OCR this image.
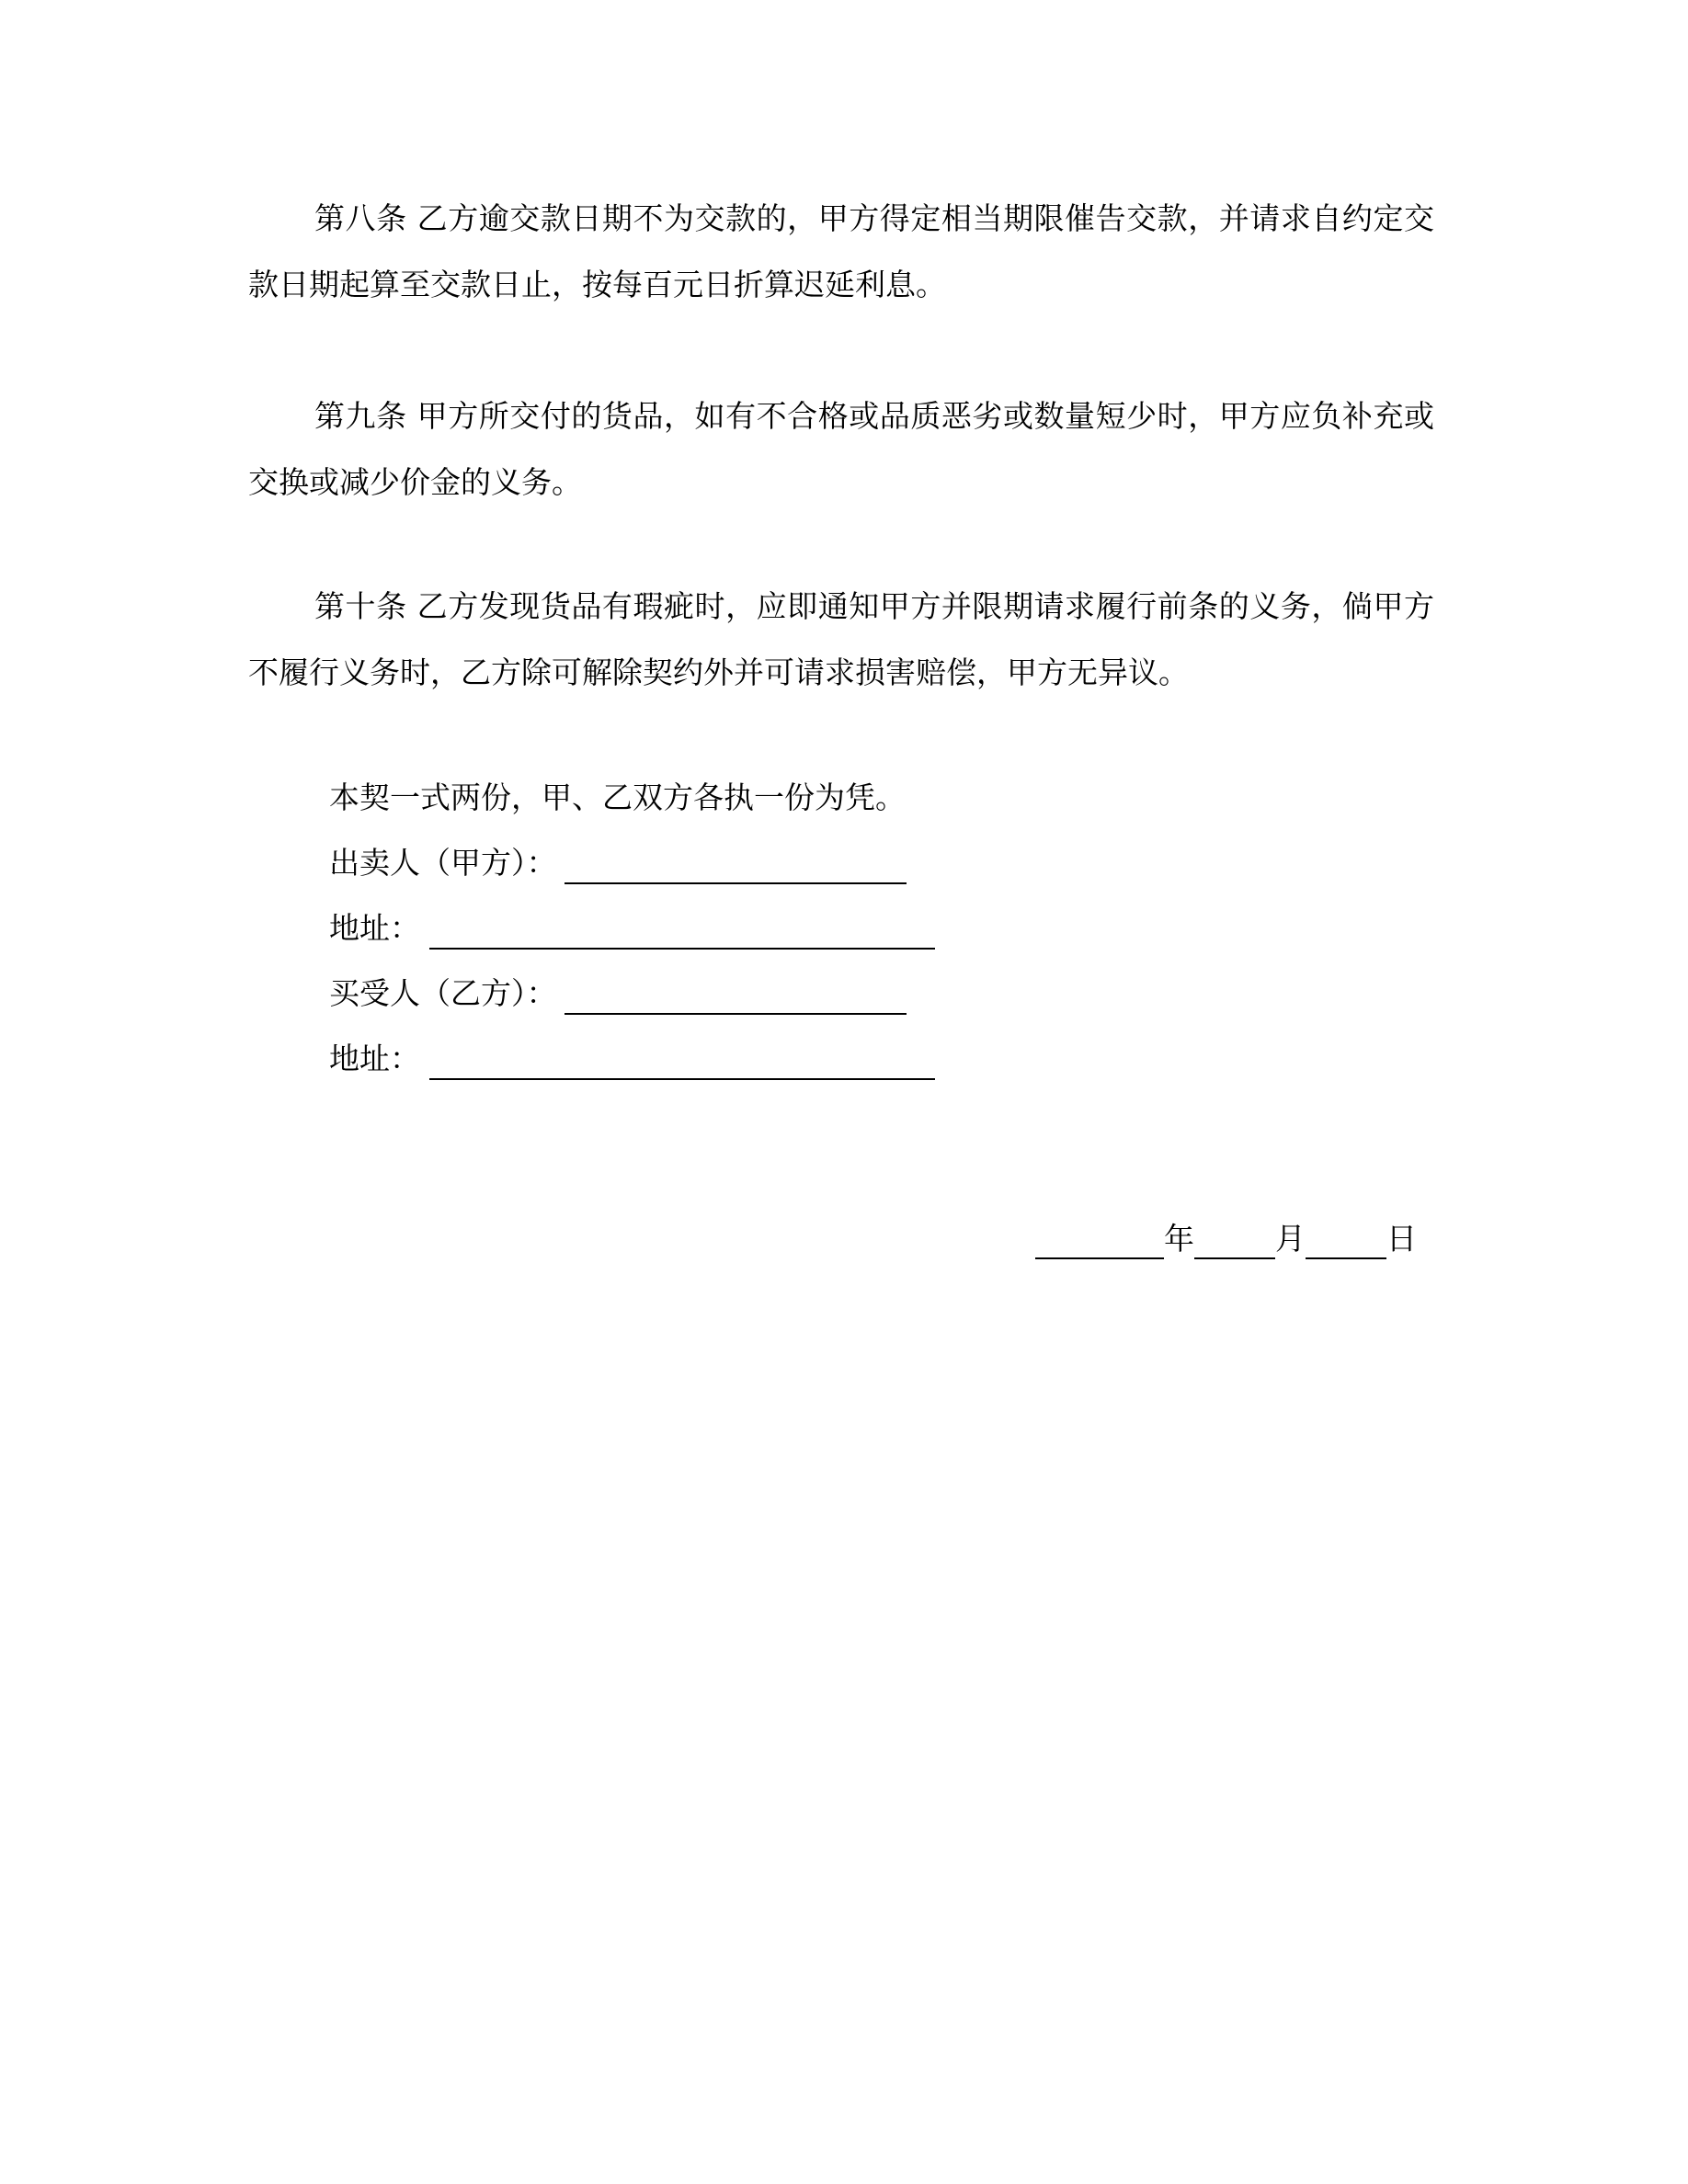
第八条 乙方逾交款日期不为交款的，甲方得定相当期限催告交款，并请求自约定交款日期起算至交款日止，按每百元日折算迟延利息。

第九条 甲方所交付的货品，如有不合格或品质恶劣或数量短少时，甲方应负补充或交换或减少价金的义务。

第十条 乙方发现货品有瑕疵时，应即通知甲方并限期请求履行前条的义务，倘甲方不履行义务时，乙方除可解除契约外并可请求损害赔偿，甲方无异议。

本契一式两份，甲、乙双方各执一份为凭。
出卖人（甲方）：
地址：
买受人（乙方）：
地址：
年	月	日
